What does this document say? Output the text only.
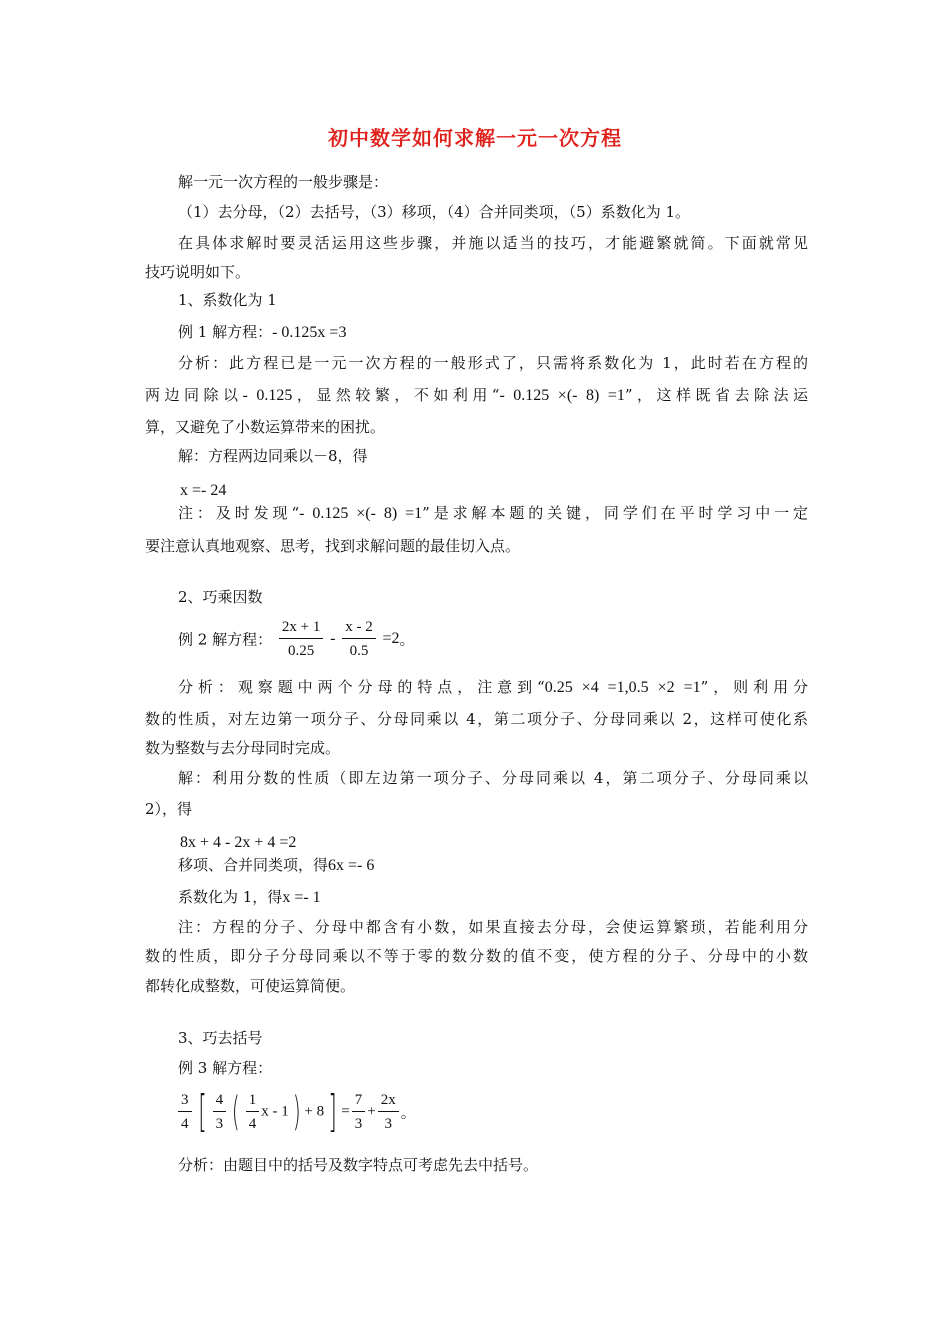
初中数学如何求解一元一次方程
解一元一次方程的一般步骤是：
（1）去分母，（2）去括号，（3）移项，（4）合并同类项，（5）系数化为 1。
在具体求解时要灵活运用这些步骤，并施以适当的技巧，才能避繁就简。下面就常见
技巧说明如下。
1、系数化为 1
例 1 解方程：- 0.125x =3
分析：此方程已是一元一次方程的一般形式了，只需将系数化为 1，此时若在方程的
两边同除以- 0.125，显然较繁，不如利用“- 0.125 ×(- 8) =1”，这样既省去除法运
算，又避免了小数运算带来的困扰。
解：方程两边同乘以－8，得
x =- 24
注：及时发现“- 0.125 ×(- 8) =1”是求解本题的关键，同学们在平时学习中一定
要注意认真地观察、思考，找到求解问题的最佳切入点。
2、巧乘因数
例 2 解方程： $\frac{2x + 1}{0.25} - \frac{x - 2}{0.5} =2$。
分析：观察题中两个分母的特点，注意到“0.25 ×4 =1,0.5 ×2 =1”，则利用分
数的性质，对左边第一项分子、分母同乘以 4，第二项分子、分母同乘以 2，这样可使化系
数为整数与去分母同时完成。
解：利用分数的性质（即左边第一项分子、分母同乘以 4，第二项分子、分母同乘以
2），得
8x + 4 - 2x + 4 =2
移项、合并同类项，得6x =- 6
系数化为 1，得x =- 1
注：方程的分子、分母中都含有小数，如果直接去分母，会使运算繁琐，若能利用分
数的性质，即分子分母同乘以不等于零的数分数的值不变，使方程的分子、分母中的小数
都转化成整数，可使运算简便。
3、巧去括号
例 3 解方程：
$\frac{3}{4}$ [ $\frac{4}{3}$ ( $\frac{1}{4}$ $x - 1) + 8] = \frac{7}{3} + \frac{2x}{3}$ 。
分析：由题目中的括号及数字特点可考虑先去中括号。
